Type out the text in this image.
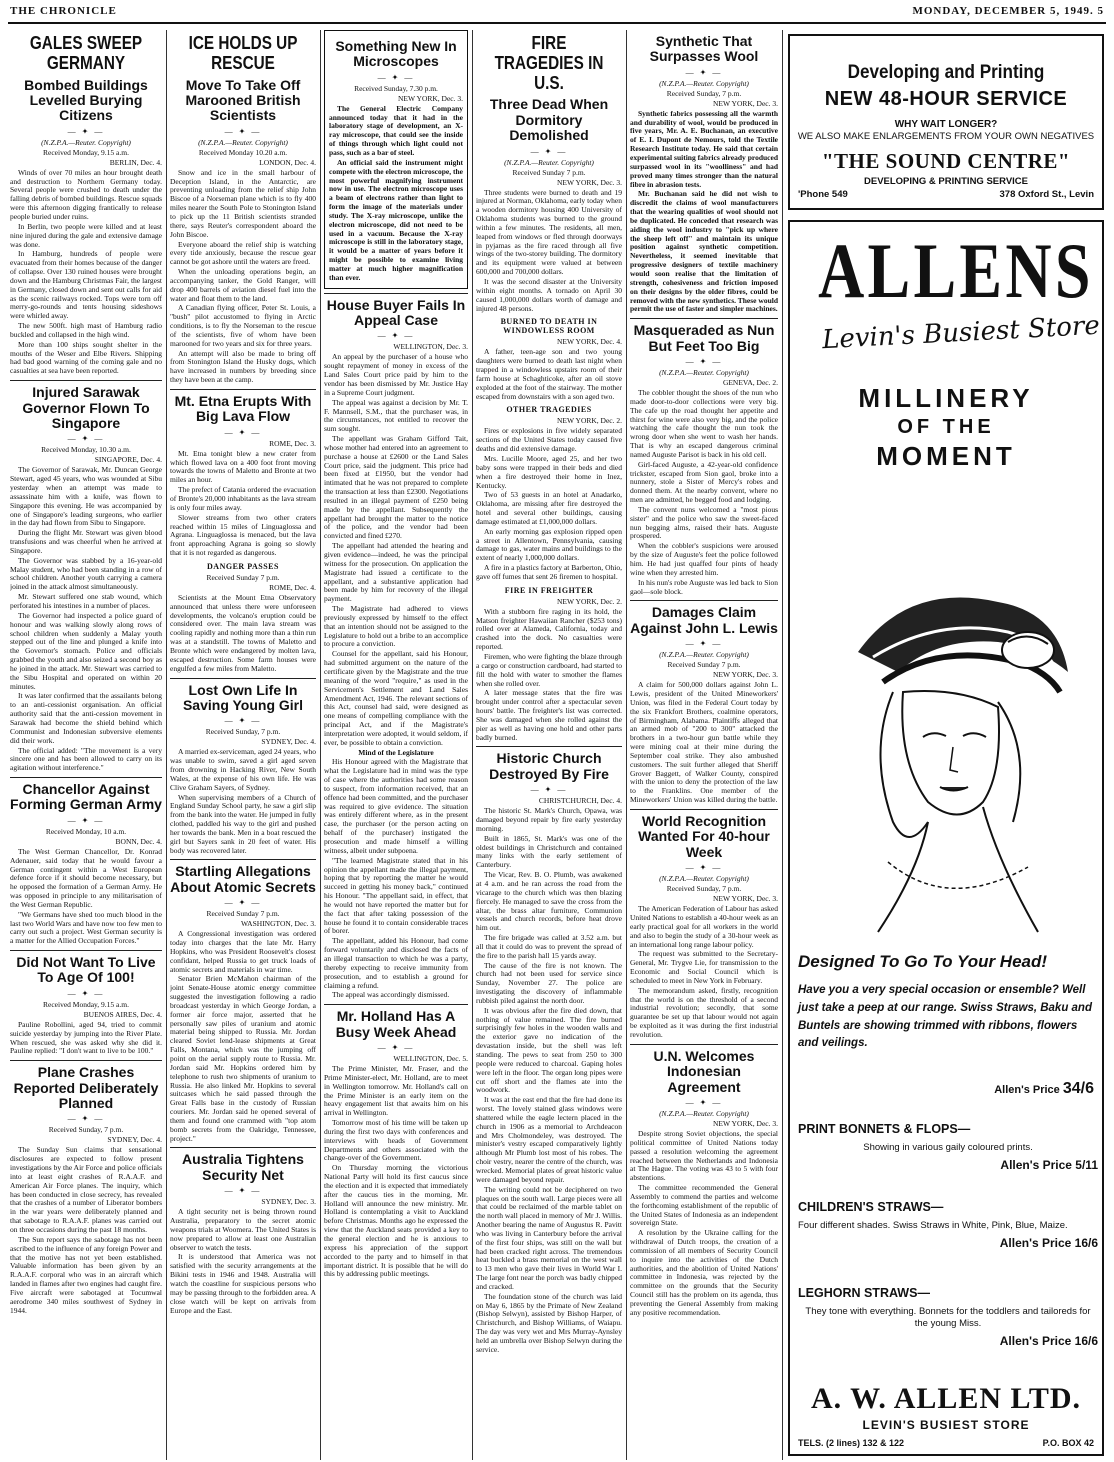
THE CHRONICLE	MONDAY, DECEMBER 5, 1949. 5
GALES SWEEP GERMANY
Bombed Buildings Levelled Burying Citizens
— ✦ —
(N.Z.P.A.—Reuter. Copyright)
Received Monday, 9.15 a.m.
BERLIN, Dec. 4.

Winds of over 70 miles an hour brought death and destruction to Northern Germany today. Several people were crushed to death under the falling debris of bombed buildings. Rescue squads were this afternoon digging frantically to release people buried under ruins.

In Berlin, two people were killed and at least nine injured during the gale and extensive damage was done.

In Hamburg, hundreds of people were evacuated from their homes because of the danger of collapse. Over 130 ruined houses were brought down and the Hamburg Christmas Fair, the largest in Germany, closed down and sent out calls for aid as the scenic railways rocked. Tops were torn off merry-go-rounds and tents housing sideshows were whirled away.

The new 500ft. high mast of Hamburg radio buckled and collapsed in the high wind.

More than 100 ships sought shelter in the mouths of the Weser and Elbe Rivers. Shipping had bad good warning of the coming gale and no casualties at sea have been reported.

Injured Sarawak Governor Flown To Singapore
— ✦ —
Received Monday, 10.30 a.m.
SINGAPORE, Dec. 4.

The Governor of Sarawak, Mr. Duncan George Stewart, aged 45 years, who was wounded at Sibu yesterday when an attempt was made to assassinate him with a knife, was flown to Singapore this evening. He was accompanied by one of Singapore's leading surgeons, who earlier in the day had flown from Sibu to Singapore.

During the flight Mr. Stewart was given blood transfusions and was cheerful when he arrived at Singapore.

The Governor was stabbed by a 16-year-old Malay student, who had been standing in a row of school children. Another youth carrying a camera joined in the attack almost simultaneously.

Mr. Stewart suffered one stab wound, which perforated his intestines in a number of places.

The Governor had inspected a police guard of honour and was walking slowly along rows of school children when suddenly a Malay youth stepped out of the line and plunged a knife into the Governor's stomach. Police and officials grabbed the youth and also seized a second boy as he joined in the attack. Mr. Stewart was carried to the Sibu Hospital and operated on within 20 minutes.

It was later confirmed that the assailants belong to an anti-cessionist organisation. An official authority said that the anti-cession movement in Sarawak had become the shield behind which Communist and Indonesian subversive elements did their work.

The official added: "The movement is a very sincere one and has been allowed to carry on its agitation without interference."

Chancellor Against Forming German Army
— ✦ —
Received Monday, 10 a.m.
BONN, Dec. 4.

The West German Chancellor, Dr. Konrad Adenauer, said today that he would favour a German contingent within a West European defence force if it should become necessary, but he opposed the formation of a German Army. He was opposed in principle to any militarisation of the West German Republic.

"We Germans have shed too much blood in the last two World Wars and have now too few men to carry out such a project. West German security is a matter for the Allied Occupation Forces."

Did Not Want To Live To Age Of 100!
— ✦ —
Received Monday, 9.15 a.m.
BUENOS AIRES, Dec. 4.

Pauline Robollini, aged 94, tried to commit suicide yesterday by jumping into the River Plate. When rescued, she was asked why she did it. Pauline replied: "I don't want to live to be 100."

Plane Crashes Reported Deliberately Planned
— ✦ —
Received Sunday, 7 p.m.
SYDNEY, Dec. 4.

The Sunday Sun claims that sensational disclosures are expected to follow present investigations by the Air Force and police officials into at least eight crashes of R.A.A.F. and American Air Force planes. The inquiry, which has been conducted in close secrecy, has revealed that the crashes of a number of Liberator bombers in the war years were deliberately planned and that sabotage to R.A.A.F. planes was carried out on three occasions during the past 18 months.

The Sun report says the sabotage has not been ascribed to the influence of any foreign Power and that the motive has not yet been established. Valuable information has been given by an R.A.A.F. corporal who was in an aircraft which landed in flames after two engines had caught fire. Five aircraft were sabotaged at Tocumwal aerodrome 340 miles southwest of Sydney in 1944.

ICE HOLDS UP RESCUE
Move To Take Off Marooned British Scientists
— ✦ —
(N.Z.P.A.—Reuter. Copyright)
Received Monday 10.20 a.m.
LONDON, Dec. 4.

Snow and ice in the small harbour of Deception Island, in the Antarctic, are preventing unloading from the relief ship John Biscoe of a Norseman plane which is to fly 400 miles nearer the South Pole to Stonington Island to pick up the 11 British scientists stranded there, says Reuter's correspondent aboard the John Biscoe.

Everyone aboard the relief ship is watching every tide anxiously, because the rescue gear cannot be got ashore until the waters are freed.

When the unloading operations begin, an accompanying tanker, the Gold Ranger, will drop 400 barrels of aviation diesel fuel into the water and float them to the land.

A Canadian flying officer, Peter St. Louis, a "bush" pilot accustomed to flying in Arctic conditions, is to fly the Norseman to the rescue of the scientists, five of whom have been marooned for two years and six for three years.

An attempt will also be made to bring off from Stonington Island the Husky dogs, which have increased in numbers by breeding since they have been at the camp.

Mt. Etna Erupts With Big Lava Flow
— ✦ —
ROME, Dec. 3.

Mt. Etna tonight blew a new crater from which flowed lava on a 400 foot front moving towards the towns of Maletto and Bronte at two miles an hour.

The prefect of Catania ordered the evacuation of Bronte's 20,000 inhabitants as the lava stream is only four miles away.

Slower streams from two other craters reached within 15 miles of Linguaglossa and Agrana. Linguaglossa is menaced, but the lava front approaching Agrana is going so slowly that it is not regarded as dangerous.

DANGER PASSES
Received Sunday 7 p.m.
ROME, Dec. 4.

Scientists at the Mount Etna Observatory announced that unless there were unforeseen developments, the volcano's eruption could be considered over. The main lava stream was cooling rapidly and nothing more than a thin run was at a standstill. The towns of Maletto and Bronte which were endangered by molten lava, escaped destruction. Some farm houses were engulfed a few miles from Maletto.

Lost Own Life In Saving Young Girl
— ✦ —
Received Sunday, 7 p.m.
SYDNEY, Dec. 4.

A married ex-serviceman, aged 24 years, who was unable to swim, saved a girl aged seven from drowning in Hacking River, New South Wales, at the expense of his own life. He was Clive Graham Sayers, of Sydney.

When supervising members of a Church of England Sunday School party, he saw a girl slip from the bank into the water. He jumped in fully clothed, paddled his way to the girl and pushed her towards the bank. Men in a boat rescued the girl but Sayers sank in 20 feet of water. His body was recovered later.

Startling Allegations About Atomic Secrets
— ✦ —
Received Sunday 7 p.m.
WASHINGTON, Dec. 3.

A Congressional investigation was ordered today into charges that the late Mr. Harry Hopkins, who was President Roosevelt's closest confidant, helped Russia to get truck loads of atomic secrets and materials in war time.

Senator Brien McMahon chairman of the joint Senate-House atomic energy committee suggested the investigation following a radio broadcast yesterday in which George Jordan, a former air force major, asserted that he personally saw piles of uranium and atomic material being shipped to Russia. Mr. Jordan cleared Soviet lend-lease shipments at Great Falls, Montana, which was the jumping off point on the aerial supply route to Russia. Mr. Jordan said Mr. Hopkins ordered him by telephone to rush two shipments of uranium to Russia. He also linked Mr. Hopkins to several suitcases which he said passed through the Great Falls base in the custody of Russian couriers. Mr. Jordan said he opened several of them and found one crammed with "top atom bomb secrets from the Oakridge, Tennessee, project."

Australia Tightens Security Net
— ✦ —
SYDNEY, Dec. 3.

A tight security net is being thrown round Australia, preparatory to the secret atomic weapons trials at Woomera. The United States is now prepared to allow at least one Australian observer to watch the tests.

It is understood that America was not satisfied with the security arrangements at the Bikini tests in 1946 and 1948. Australia will watch the coastline for suspicious persons who may be passing through to the forbidden area. A close watch will be kept on arrivals from Europe and the East.

Something New In Microscopes
— ✦ —
Received Sunday, 7.30 p.m.
NEW YORK, Dec. 3.

The General Electric Company announced today that it had in the laboratory stage of development, an X-ray microscope, that could see the inside of things through which light could not pass, such as a bar of steel.

An official said the instrument might compete with the electron microscope, the most powerful magnifying instrument now in use. The electron microscope uses a beam of electrons rather than light to form the image of the materials under study. The X-ray microscope, unlike the electron microscope, did not need to be used in a vacuum. Because the X-ray microscope is still in the laboratory stage, it would be a matter of years before it might be possible to examine living matter at much higher magnification than ever.

House Buyer Fails In Appeal Case
— ✦ —
WELLINGTON, Dec. 3.

An appeal by the purchaser of a house who sought repayment of money in excess of the Land Sales Court price paid by him to the vendor has been dismissed by Mr. Justice Hay in a Supreme Court judgment.

The appeal was against a decision by Mr. T. F. Mannsell, S.M., that the purchaser was, in the circumstances, not entitled to recover the sum sought.

The appellant was Graham Gifford Tait, whose mother had entered into an agreement to purchase a house at £2600 or the Land Sales Court price, said the judgment. This price had been fixed at £1950, but the vendor had intimated that he was not prepared to complete the transaction at less than £2300. Negotiations resulted in an illegal payment of £250 being made by the appellant. Subsequently the appellant had brought the matter to the notice of the police, and the vendor had been convicted and fined £270.

The appellant had attended the hearing and given evidence—indeed, he was the principal witness for the prosecution. On application the Magistrate had issued a certificate to the appellant, and a substantive application had been made by him for recovery of the illegal payment.

The Magistrate had adhered to views previously expressed by himself to the effect that an intention should not be assigned to the Legislature to hold out a bribe to an accomplice to procure a conviction.

Counsel for the appellant, said his Honour, had submitted argument on the nature of the certificate given by the Magistrate and the true meaning of the word "require," as used in the Servicemen's Settlement and Land Sales Amendment Act, 1946. The relevant sections of this Act, counsel had said, were designed as one means of compelling compliance with the principal Act, and if the Magistrate's interpretation were adopted, it would seldom, if ever, be possible to obtain a conviction.

Mind of the Legislature

His Honour agreed with the Magistrate that what the Legislature had in mind was the type of case where the authorities had some reason to suspect, from information received, that an offence had been committed, and the purchaser was required to give evidence. The situation was entirely different where, as in the present case, the purchaser (or the person acting on behalf of the purchaser) instigated the prosecution and made himself a willing witness, albeit under subpoena.

"The learned Magistrate stated that in his opinion the appellant made the illegal payment, hoping that by reporting the matter he would succeed in getting his money back," continued his Honour. "The appellant said, in effect, that he would not have reported the matter but for the fact that after taking possession of the house he found it to contain considerable traces of borer.

The appellant, added his Honour, had come forward voluntarily and disclosed the facts of an illegal transaction to which he was a party, thereby expecting to receive immunity from prosecution, and to establish a ground for claiming a refund.

The appeal was accordingly dismissed.

Mr. Holland Has A Busy Week Ahead
— ✦ —
WELLINGTON, Dec. 5.

The Prime Minister, Mr. Fraser, and the Prime Minister-elect, Mr. Holland, are to meet in Wellington tomorrow. Mr. Holland's call on the Prime Minister is an early item on the heavy engagement list that awaits him on his arrival in Wellington.

Tomorrow most of his time will be taken up during the first two days with conferences and interviews with heads of Government Departments and others associated with the change-over of the Government.

On Thursday morning the victorious National Party will hold its first caucus since the election and it is expected that immediately after the caucus ties in the morning, Mr. Holland will announce the new ministry. Mr. Holland is contemplating a visit to Auckland before Christmas. Months ago he expressed the view that the Auckland seats provided a key to the general election and he is anxious to express his appreciation of the support accorded to the party and to himself in that important district. It is possible that he will do this by addressing public meetings.

FIRE TRAGEDIES IN U.S.
Three Dead When Dormitory Demolished
— ✦ —
(N.Z.P.A.—Reuter. Copyright)
Received Sunday 7 p.m.
NEW YORK, Dec. 3.

Three students were burned to death and 19 injured at Norman, Oklahoma, early today when a wooden dormitory housing 400 University of Oklahoma students was burned to the ground within a few minutes. The residents, all men, leaped from windows or fled through doorways in pyjamas as the fire raced through all five wings of the two-storey building. The dormitory and its equipment were valued at between 600,000 and 700,000 dollars.

It was the second disaster at the University within eight months. A tornado on April 30 caused 1,000,000 dollars worth of damage and injured 48 persons.

BURNED TO DEATH IN WINDOWLESS ROOM
NEW YORK, Dec. 4.

A father, teen-age son and two young daughters were burned to death last night when trapped in a windowless upstairs room of their farm house at Schaghticoke, after an oil stove exploded at the foot of the stairway. The mother escaped from downstairs with a son aged two.

OTHER TRAGEDIES
NEW YORK, Dec. 2.

Fires or explosions in five widely separated sections of the United States today caused five deaths and did extensive damage.

Mrs. Lucille Moore, aged 25, and her two baby sons were trapped in their beds and died when a fire destroyed their home in Inez, Kentucky.

Two of 53 guests in an hotel at Anadarko, Oklahoma, are missing after fire destroyed the hotel and several other buildings, causing damage estimated at £1,000,000 dollars.

An early morning gas explosion ripped open a street in Allentown, Pennsylvania, causing damage to gas, water mains and buildings to the extent of nearly 1,000,000 dollars.

A fire in a plastics factory at Barberton, Ohio, gave off fumes that sent 26 firemen to hospital.

FIRE IN FREIGHTER
NEW YORK, Dec. 2.

With a stubborn fire raging in its hold, the Matson freighter Hawaiian Rancher ($253 tons) rolled over at Alameda, California, today and crashed into the dock. No casualties were reported.

Firemen, who were fighting the blaze through a cargo or construction cardboard, had started to fill the hold with water to smother the flames when she rolled over.

A later message states that the fire was brought under control after a spectacular seven hours' battle. The freighter's list was corrected. She was damaged when she rolled against the pier as well as having one hold and other parts badly burned.

Historic Church Destroyed By Fire
— ✦ —
CHRISTCHURCH, Dec. 4.

The historic St. Mark's Church, Opawa, was damaged beyond repair by fire early yesterday morning.

Built in 1865, St. Mark's was one of the oldest buildings in Christchurch and contained many links with the early settlement of Canterbury.

The Vicar, Rev. B. O. Plumb, was awakened at 4 a.m. and he ran across the road from the vicarage to the church which was then blazing fiercely. He managed to save the cross from the altar, the brass altar furniture, Communion vessels and church records, before heat drove him out.

The fire brigade was called at 3.52 a.m. but all that it could do was to prevent the spread of the fire to the parish hall 15 yards away.

The cause of the fire is not known. The church had not been used for service since Sunday, November 27. The police are investigating the discovery of inflammable rubbish piled against the north door.

It was obvious after the fire died down, that nothing of value remained. The fire burned surprisingly few holes in the wooden walls and the exterior gave no indication of the devastation inside, but the shell was left standing. The pews to seat from 250 to 300 people were reduced to charcoal. Gaping holes were left in the floor. The organ long pipes were cut off short and the flames ate into the woodwork.

It was at the east end that the fire had done its worst. The lovely stained glass windows were shattered while the eagle lectern placed in the church in 1906 as a memorial to Archdeacon and Mrs Cholmondeley, was destroyed. The minister's vestry escaped comparatively lightly although Mr Plumb lost most of his robes. The choir vestry, nearer the centre of the church, was wrecked. Memorial plates of great historic value were damaged beyond repair.

The writing could not be deciphered on two plaques on the south wall. Large pieces were all that could be reclaimed of the marble tablet on the north wall placed in memory of Mr J. Willis. Another bearing the name of Augustus R. Pavitt who was living in Canterbury before the arrival of the first four ships, was still on the wall but had been cracked right across. The tremendous heat buckled a brass memorial on the west wall to 13 men who gave their lives in World War I. The large font near the porch was badly chipped and cracked.

The foundation stone of the church was laid on May 6, 1865 by the Primate of New Zealand (Bishop Selwyn), assisted by Bishop Harper, of Christchurch, and Bishop Williams, of Waiapu. The day was very wet and Mrs Murray-Aynsley held an umbrella over Bishop Selwyn during the service.

Synthetic That Surpasses Wool
— ✦ —
(N.Z.P.A.—Reuter. Copyright)
Received Sunday, 7 p.m.
NEW YORK, Dec. 3.

Synthetic fabrics possessing all the warmth and durability of wool, would be produced in five years, Mr. A. E. Buchanan, an executive of E. I. Dupont de Nemours, told the Textile Research Institute today. He said that certain experimental suiting fabrics already produced surpassed wool in its "woolliness" and had proved many times stronger than the natural fibre in abrasion tests.

Mr. Buchanan said he did not wish to discredit the claims of wool manufacturers that the wearing qualities of wool should not be duplicated. He conceded that research was aiding the wool industry to "pick up where the sheep left off" and maintain its unique position against synthetic competition. Nevertheless, it seemed inevitable that progressive designers of textile machinery would soon realise that the limitation of strength, cohesiveness and friction imposed on their designs by the older fibres, could be removed with the new synthetics. These would permit the use of faster and simpler machines.

Masqueraded as Nun But Feet Too Big
— ✦ —
(N.Z.P.A.—Reuter. Copyright)
GENEVA, Dec. 2.

The cobbler thought the shoes of the nun who made door-to-door collections were very big. The cafe up the road thought her appetite and thirst for wine were also very big, and the police watching the cafe thought the nun took the wrong door when she went to wash her hands. That is why an escaped dangerous criminal named Auguste Parisot is back in his old cell.

Girl-faced Auguste, a 42-year-old confidence trickster, escaped from Sion gaol, broke into a nunnery, stole a Sister of Mercy's robes and donned them. At the nearby convent, where no men are admitted, he begged food and lodging.

The convent nuns welcomed a "most pious sister" and the police who saw the sweet-faced nun begging alms, raised their hats. Auguste prospered.

When the cobbler's suspicions were aroused by the size of Auguste's feet the police followed him. He had just quaffed four pints of heady wine when they arrested him.

In his nun's robe Auguste was led back to Sion gaol—sole block.

Damages Claim Against John L. Lewis
— ✦ —
(N.Z.P.A.—Reuter. Copyright)
Received Sunday 7 p.m.
NEW YORK, Dec. 3.

A claim for 500,000 dollars against John L. Lewis, president of the United Mineworkers' Union, was filed in the Federal Court today by the six Frankfort Brothers, coalmine operators, of Birmingham, Alabama. Plaintiffs alleged that an armed mob of "200 to 300" attacked the brothers in a two-hour gun battle while they were mining coal at their mine during the September coal strike. They also ambushed customers. The suit further alleged that Sheriff Grover Baggett, of Walker County, conspired with the union to deny the protection of the law to the Franklins. One member of the Mineworkers' Union was killed during the battle.

World Recognition Wanted For 40-hour Week
— ✦ —
(N.Z.P.A.—Reuter. Copyright)
Received Sunday, 7 p.m.
NEW YORK, Dec. 3.

The American Federation of Labour has asked United Nations to establish a 40-hour week as an early practical goal for all workers in the world and also to begin the study of a 30-hour week as an international long range labour policy.

The request was submitted to the Secretary-General, Mr. Trygve Lie, for transmission to the Economic and Social Council which is scheduled to meet in New York in February.

The memorandum asked, firstly, recognition that the world is on the threshold of a second industrial revolution; secondly, that some guarantee be set up that labour would not again be exploited as it was during the first industrial revolution.

U.N. Welcomes Indonesian Agreement
— ✦ —
(N.Z.P.A.—Reuter. Copyright)
NEW YORK, Dec. 3.

Despite strong Soviet objections, the special political committee of United Nations today passed a resolution welcoming the agreement reached between the Netherlands and Indonesia at The Hague. The voting was 43 to 5 with four abstentions.

The committee recommended the General Assembly to commend the parties and welcome the forthcoming establishment of the republic of the United States of Indonesia as an independent sovereign State.

A resolution by the Ukraine calling for the withdrawal of Dutch troops, the creation of a commission of all members of Security Council to inquire into the activities of the Dutch authorities, and the abolition of United Nations' committee in Indonesia, was rejected by the committee on the grounds that the Security Council still has the problem on its agenda, thus preventing the General Assembly from making any positive recommendation.

Developing and Printing
NEW 48-HOUR SERVICE
WHY WAIT LONGER?
WE ALSO MAKE ENLARGEMENTS FROM YOUR OWN NEGATIVES
"THE SOUND CENTRE"
DEVELOPING & PRINTING SERVICE
'Phone 549	378 Oxford St., Levin
ALLENS
Levin's Busiest Store
MILLINERY
OF THE
MOMENT
Designed To Go To Your Head!
Have you a very special occasion or ensemble? Well just take a peep at our range. Swiss Straws, Baku and Buntels are showing trimmed with ribbons, flowers and veilings.
Allen's Price 34/6
PRINT BONNETS & FLOPS—
Showing in various gaily coloured prints.
Allen's Price 5/11
CHILDREN'S STRAWS—
Four different shades. Swiss Straws in White, Pink, Blue, Maize.
Allen's Price 16/6
LEGHORN STRAWS—
They tone with everything. Bonnets for the toddlers and tailoreds for the young Miss.
Allen's Price 16/6
A. W. ALLEN LTD.
LEVIN'S BUSIEST STORE
TELS. (2 lines) 132 & 122	P.O. BOX 42
